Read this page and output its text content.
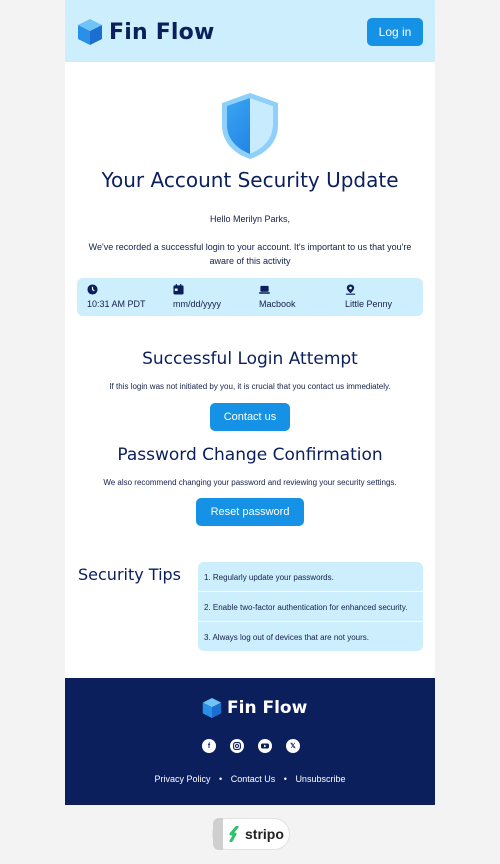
Fin Flow	Log in
Your Account Security Update
Hello Merilyn Parks,
We've recorded a successful login to your account. It's important to us that you're aware of this activity
10:31 AM PDT	mm/dd/yyyy	Macbook	Little Penny
Successful Login Attempt
If this login was not initiated by you, it is crucial that you contact us immediately.
Contact us
Password Change Confirmation
We also recommend changing your password and reviewing your security settings.
Reset password
Security Tips	1. Regularly update your passwords.
2. Enable two-factor authentication for enhanced security.
3. Always log out of devices that are not yours.
Fin Flow
f	𝕏
Privacy Policy • Contact Us • Unsubscribe
stripo
